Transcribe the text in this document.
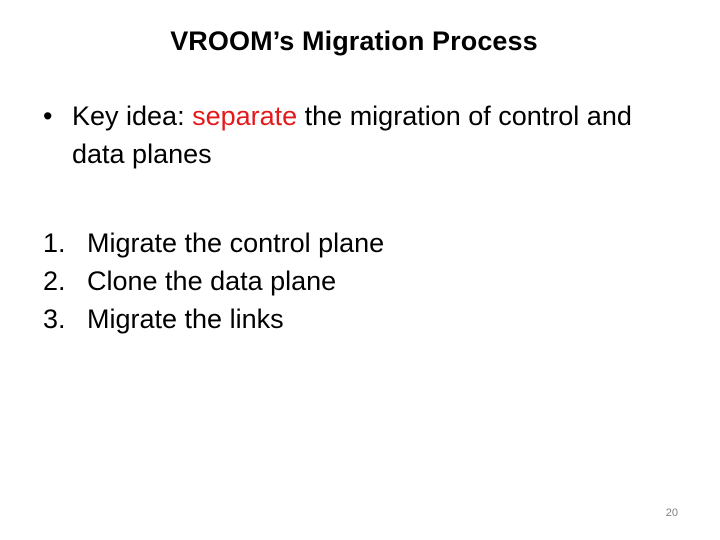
VROOM’s Migration Process
• Key idea: separate the migration of control and data planes
1. Migrate the control plane
2. Clone the data plane
3. Migrate the links
20
